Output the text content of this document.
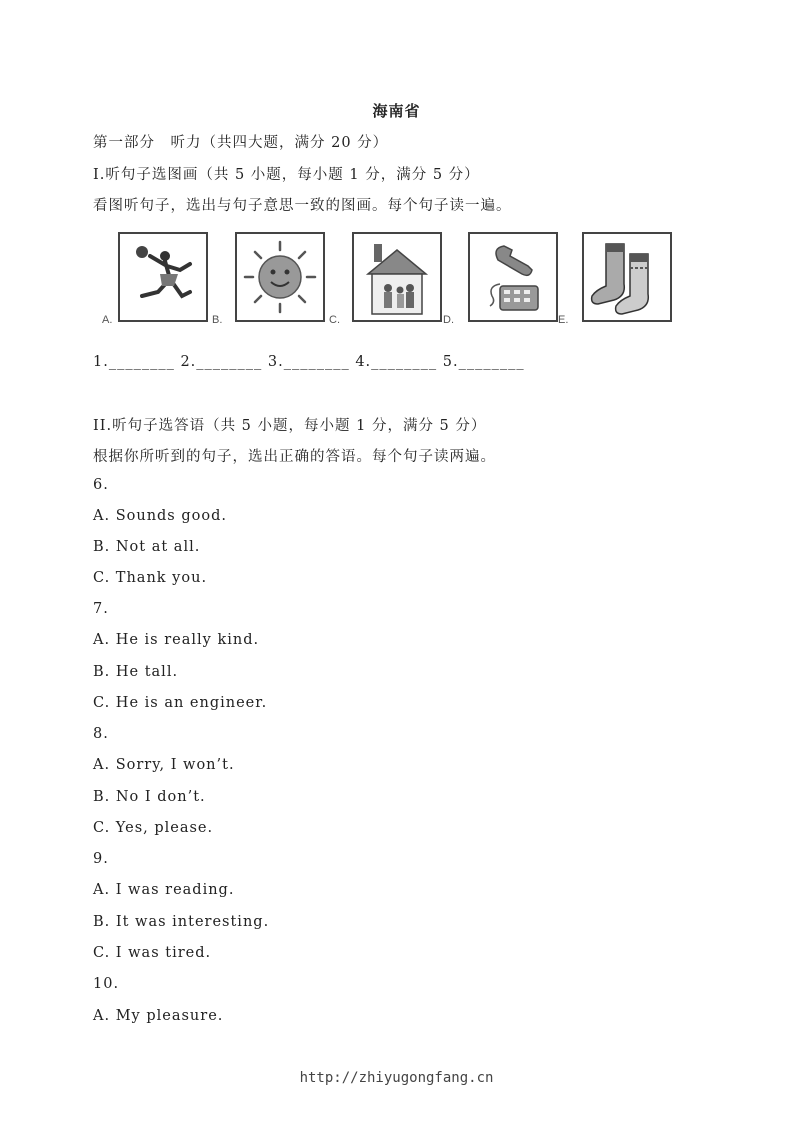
海南省
第一部分　听力（共四大题，满分 20 分）
I.听句子选图画（共 5 小题，每小题 1 分，满分 5 分）
看图听句子，选出与句子意思一致的图画。每个句子读一遍。
A.	B.	C.	D.	E.
1.________ 2.________ 3.________ 4.________ 5.________
II.听句子选答语（共 5 小题，每小题 1 分，满分 5 分）
根据你所听到的句子，选出正确的答语。每个句子读两遍。
6.
A. Sounds good.
B. Not at all.
C. Thank you.
7.
A. He is really kind.
B. He tall.
C. He is an engineer.
8.
A. Sorry, I won’t.
B. No I don’t.
C. Yes, please.
9.
A. I was reading.
B. It was interesting.
C. I was tired.
10.
A. My pleasure.
http://zhiyugongfang.cn
